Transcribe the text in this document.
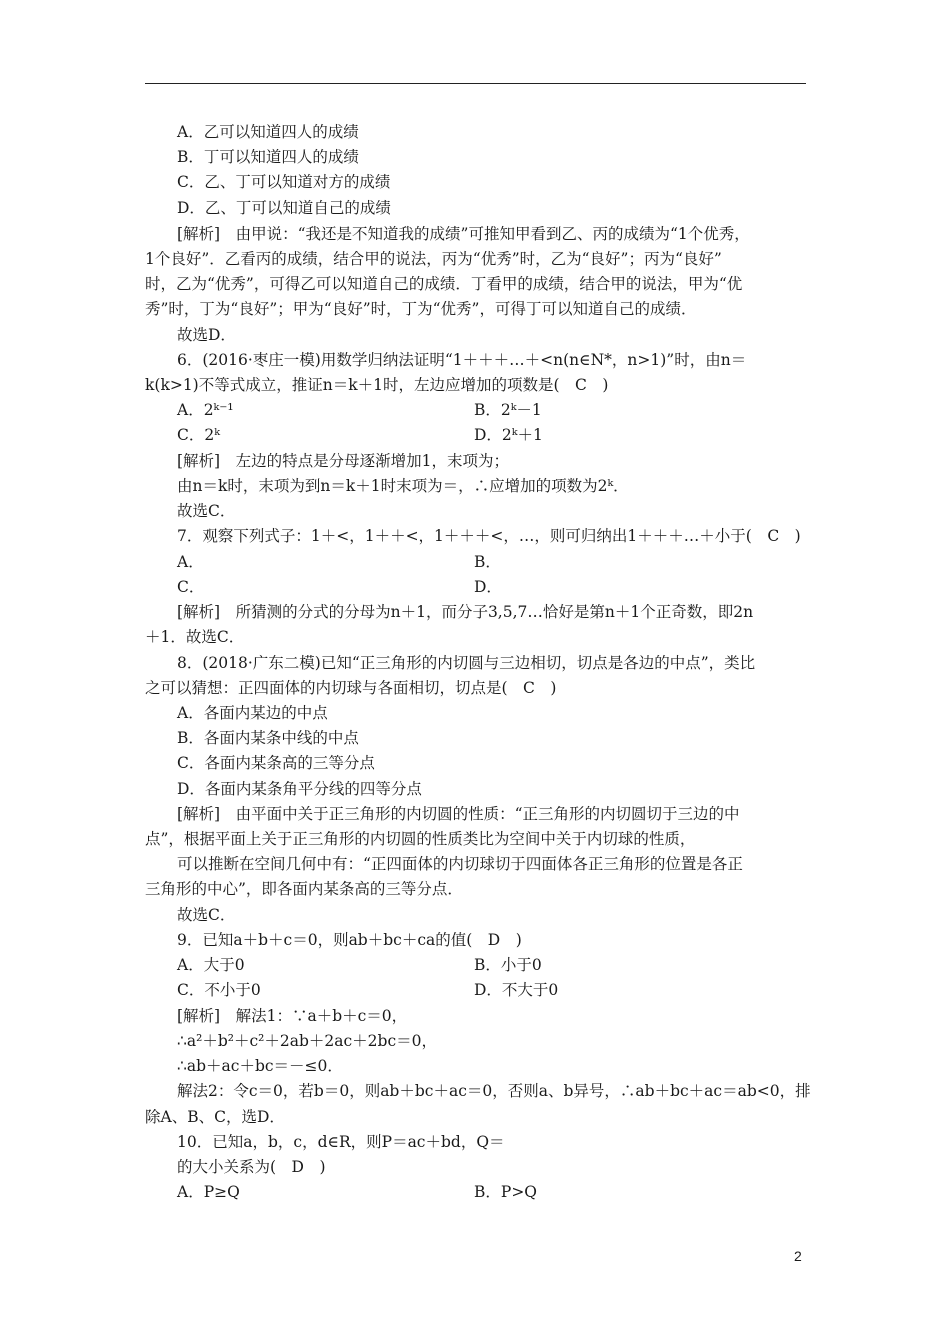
A．乙可以知道四人的成绩
B．丁可以知道四人的成绩
C．乙、丁可以知道对方的成绩
D．乙、丁可以知道自己的成绩
[解析]　由甲说：“我还是不知道我的成绩”可推知甲看到乙、丙的成绩为“1个优秀，
1个良好”．乙看丙的成绩，结合甲的说法，丙为“优秀”时，乙为“良好”；丙为“良好”
时，乙为“优秀”，可得乙可以知道自己的成绩．丁看甲的成绩，结合甲的说法，甲为“优
秀”时，丁为“良好”；甲为“良好”时，丁为“优秀”，可得丁可以知道自己的成绩．
故选D．
6．(2016·枣庄一模)用数学归纳法证明“1＋＋＋…＋<n(n∈N*，n>1)”时，由n＝
k(k>1)不等式成立，推证n＝k＋1时，左边应增加的项数是(　C　)
A．2ᵏ⁻¹	B．2ᵏ－1
C．2ᵏ	D．2ᵏ＋1
[解析]　左边的特点是分母逐渐增加1，末项为；
由n＝k时，末项为到n＝k＋1时末项为＝，∴应增加的项数为2ᵏ．
故选C．
7．观察下列式子：1＋<，1＋＋<，1＋＋＋<，…，则可归纳出1＋＋＋…＋小于(　C　)
A．	B．
C．	D．
[解析]　所猜测的分式的分母为n＋1，而分子3,5,7…恰好是第n＋1个正奇数，即2n
＋1．故选C．
8．(2018·广东二模)已知“正三角形的内切圆与三边相切，切点是各边的中点”，类比
之可以猜想：正四面体的内切球与各面相切，切点是(　C　)
A．各面内某边的中点
B．各面内某条中线的中点
C．各面内某条高的三等分点
D．各面内某条角平分线的四等分点
[解析]　由平面中关于正三角形的内切圆的性质：“正三角形的内切圆切于三边的中
点”，根据平面上关于正三角形的内切圆的性质类比为空间中关于内切球的性质，
可以推断在空间几何中有：“正四面体的内切球切于四面体各正三角形的位置是各正
三角形的中心”，即各面内某条高的三等分点．
故选C．
9．已知a＋b＋c＝0，则ab＋bc＋ca的值(　D　)
A．大于0	B．小于0
C．不小于0	D．不大于0
[解析]　解法1：∵a＋b＋c＝0，
∴a²＋b²＋c²＋2ab＋2ac＋2bc＝0，
∴ab＋ac＋bc＝－≤0．
解法2：令c＝0，若b＝0，则ab＋bc＋ac＝0，否则a、b异号，∴ab＋bc＋ac＝ab<0，排
除A、B、C，选D．
10．已知a，b，c，d∈R，则P＝ac＋bd，Q＝
的大小关系为(　D　)
A．P≥Q	B．P>Q
2
